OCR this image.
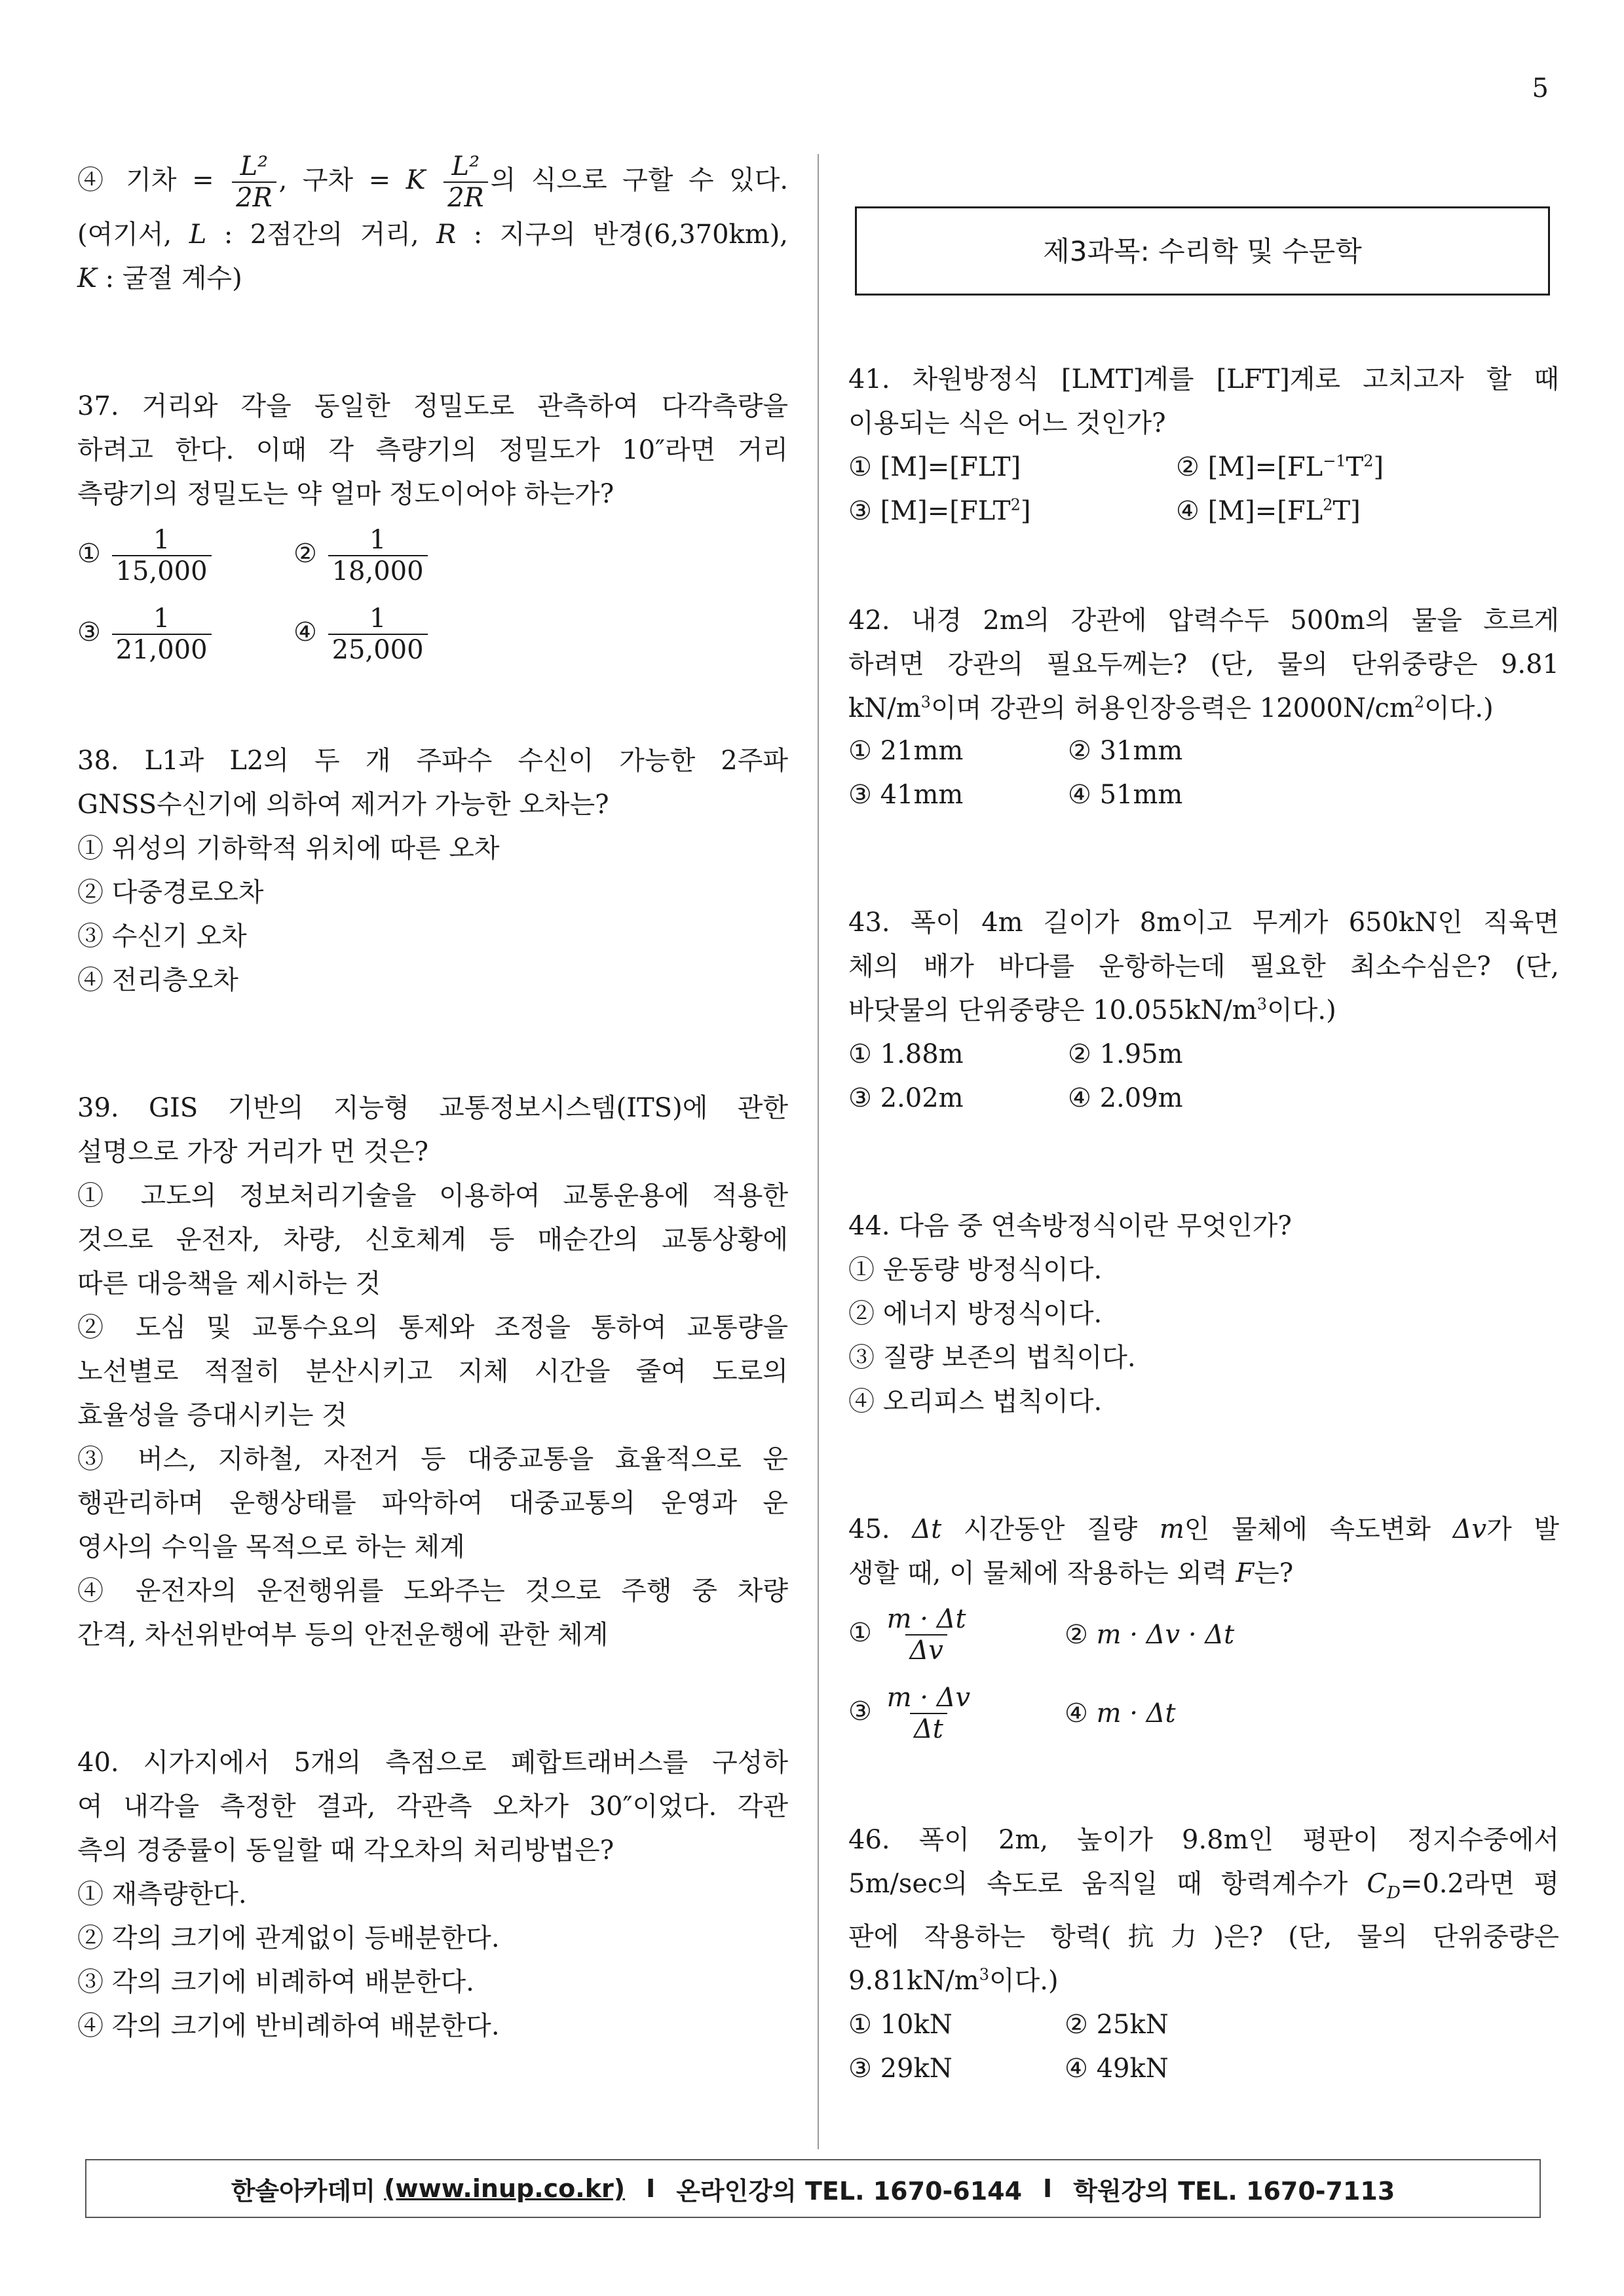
5
④ 기차 = $\frac{\text{L²}}{2R}$ , 구차 = K $\frac{\text{L²}}{2R}$ 의 식으로 구할 수 있다.
(여기서, L : 2점간의 거리, R : 지구의 반경(6,370km),
K : 굴절 계수)
37. 거리와 각을 동일한 정밀도로 관측하여 다각측량을
하려고 한다. 이때 각 측량기의 정밀도가 10″라면 거리
측량기의 정밀도는 약 얼마 정도이어야 하는가?
① $\frac{1}{15,000}$	② $\frac{1}{18,000}$
③ $\frac{1}{21,000}$	④ $\frac{1}{25,000}$
38. L1과 L2의 두 개 주파수 수신이 가능한 2주파
GNSS수신기에 의하여 제거가 가능한 오차는?
① 위성의 기하학적 위치에 따른 오차
② 다중경로오차
③ 수신기 오차
④ 전리층오차
39. GIS 기반의 지능형 교통정보시스템(ITS)에 관한
설명으로 가장 거리가 먼 것은?
① 고도의 정보처리기술을 이용하여 교통운용에 적용한
것으로 운전자, 차량, 신호체계 등 매순간의 교통상황에
따른 대응책을 제시하는 것
② 도심 및 교통수요의 통제와 조정을 통하여 교통량을
노선별로 적절히 분산시키고 지체 시간을 줄여 도로의
효율성을 증대시키는 것
③ 버스, 지하철, 자전거 등 대중교통을 효율적으로 운
행관리하며 운행상태를 파악하여 대중교통의 운영과 운
영사의 수익을 목적으로 하는 체계
④ 운전자의 운전행위를 도와주는 것으로 주행 중 차량
간격, 차선위반여부 등의 안전운행에 관한 체계
40. 시가지에서 5개의 측점으로 폐합트래버스를 구성하
여 내각을 측정한 결과, 각관측 오차가 30″이었다. 각관
측의 경중률이 동일할 때 각오차의 처리방법은?
① 재측량한다.
② 각의 크기에 관계없이 등배분한다.
③ 각의 크기에 비례하여 배분한다.
④ 각의 크기에 반비례하여 배분한다.
제3과목: 수리학 및 수문학
41. 차원방정식 [LMT]계를 [LFT]계로 고치고자 할 때
이용되는 식은 어느 것인가?
① [M]=[FLT]	② $[M]=[FL^{-1}T^2]$
③ $[M]=[FLT^2]$	④ $[M]=[FL^2T]$
42. 내경 2m의 강관에 압력수두 500m의 물을 흐르게
하려면 강관의 필요두께는? (단, 물의 단위중량은 9.81
$kN/m^3$이며 강관의 허용인장응력은 $12000N/cm^2$이다.)
① 21mm	② 31mm
③ 41mm	④ 51mm
43. 폭이 4m 길이가 8m이고 무게가 650kN인 직육면
체의 배가 바다를 운항하는데 필요한 최소수심은? (단,
바닷물의 단위중량은 $10.055kN/m^3$이다.)
① 1.88m	② 1.95m
③ 2.02m	④ 2.09m
44. 다음 중 연속방정식이란 무엇인가?
① 운동량 방정식이다.
② 에너지 방정식이다.
③ 질량 보존의 법칙이다.
④ 오리피스 법칙이다.
45. Δt 시간동안 질량 m인 물체에 속도변화 Δv가 발
생할 때, 이 물체에 작용하는 외력 F는?
① $\frac{m \cdot \Delta t}{\Delta v}$	② m · Δv · Δt
③ $\frac{m \cdot \Delta v}{\Delta t}$	④ m · Δt
46. 폭이 2m, 높이가 9.8m인 평판이 정지수중에서
5m/sec의 속도로 움직일 때 항력계수가 $C_D=0.2$라면 평
판에 작용하는 항력(抗力)은? (단, 물의 단위중량은
$9.81kN/m^3$이다.)
① 10kN	② 25kN
③ 29kN	④ 49kN
한솔아카데미
(www.inup.co.kr) I 온라인강의 TEL. 1670-6144 I 학원강의 TEL. 1670-7113
